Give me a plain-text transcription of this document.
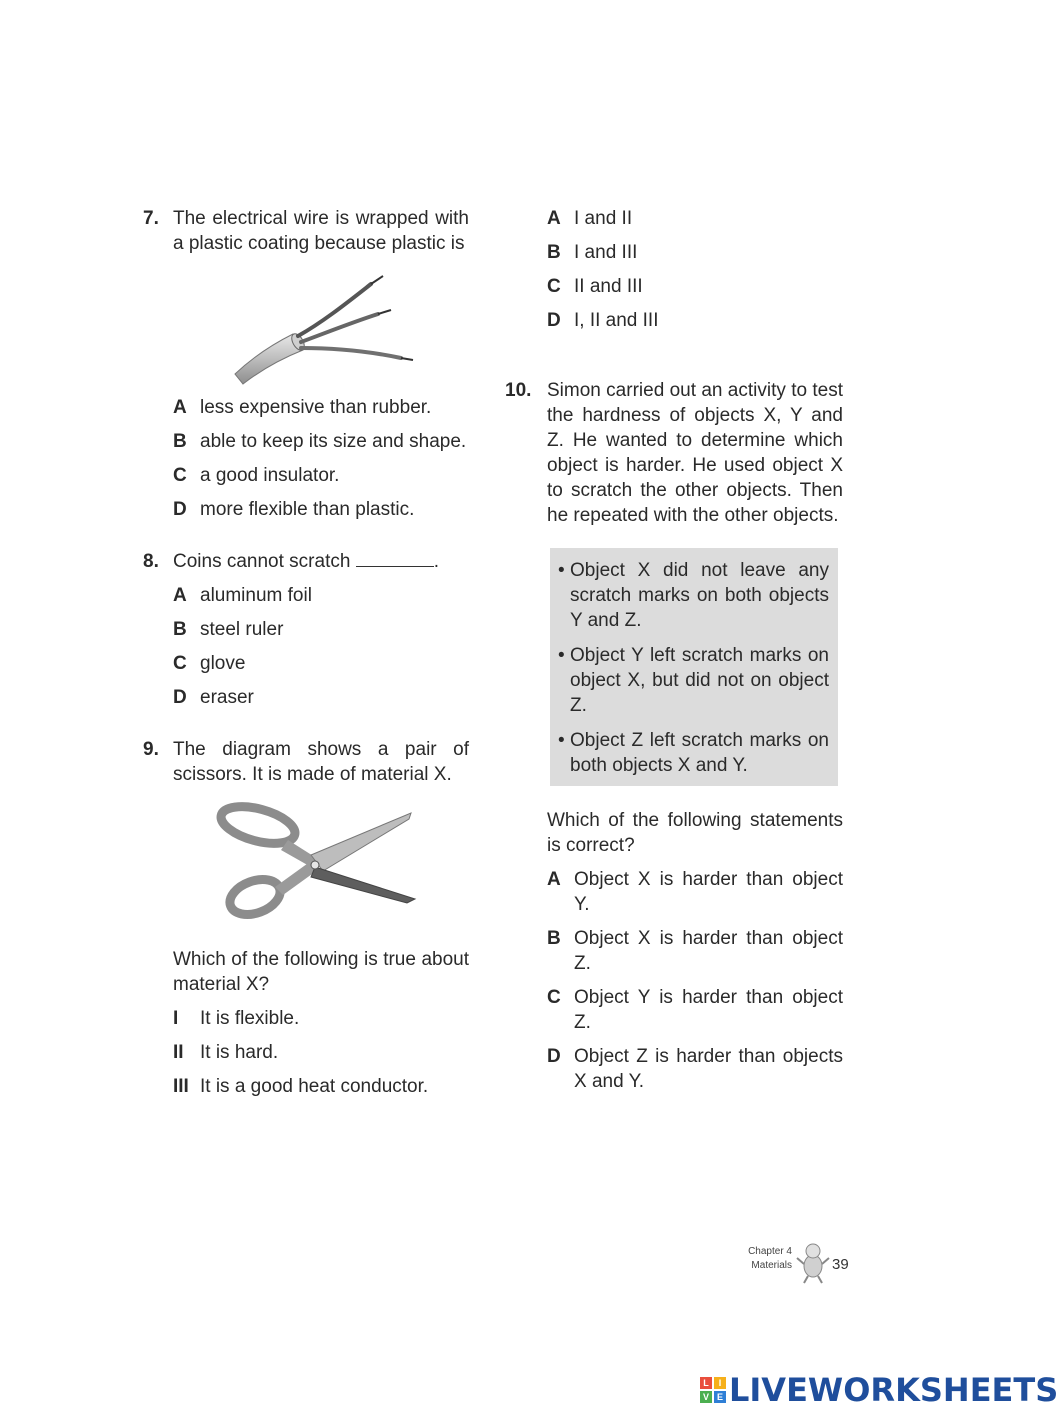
7. The electrical wire is wrapped with a plastic coating because plastic is
A less expensive than rubber.
B able to keep its size and shape.
C a good insulator.
D more flexible than plastic.
8. Coins cannot scratch	.
A aluminum foil
B steel ruler
C glove
D eraser
9. The diagram shows a pair of scissors. It is made of material X.
Which of the following is true about material X?
I	It is flexible.
II It is hard.
III It is a good heat conductor.
A I and II
B I and III
C II and III
D I, II and III
10. Simon carried out an activity to test the hardness of objects X, Y and Z. He wanted to determine which object is harder. He used object X to scratch the other objects. Then he repeated with the other objects.
• Object X did not leave any scratch marks on both objects Y and Z.
• Object Y left scratch marks on object X, but did not on object Z.
• Object Z left scratch marks on both objects X and Y.
Which of the following statements is correct?
A Object X is harder than object Y.
B Object X is harder than object Z.
C Object Y is harder than object Z.
D Object Z is harder than objects X and Y.
Chapter 4
Materials	39
L	I
V E LIVEWORKSHEETS
